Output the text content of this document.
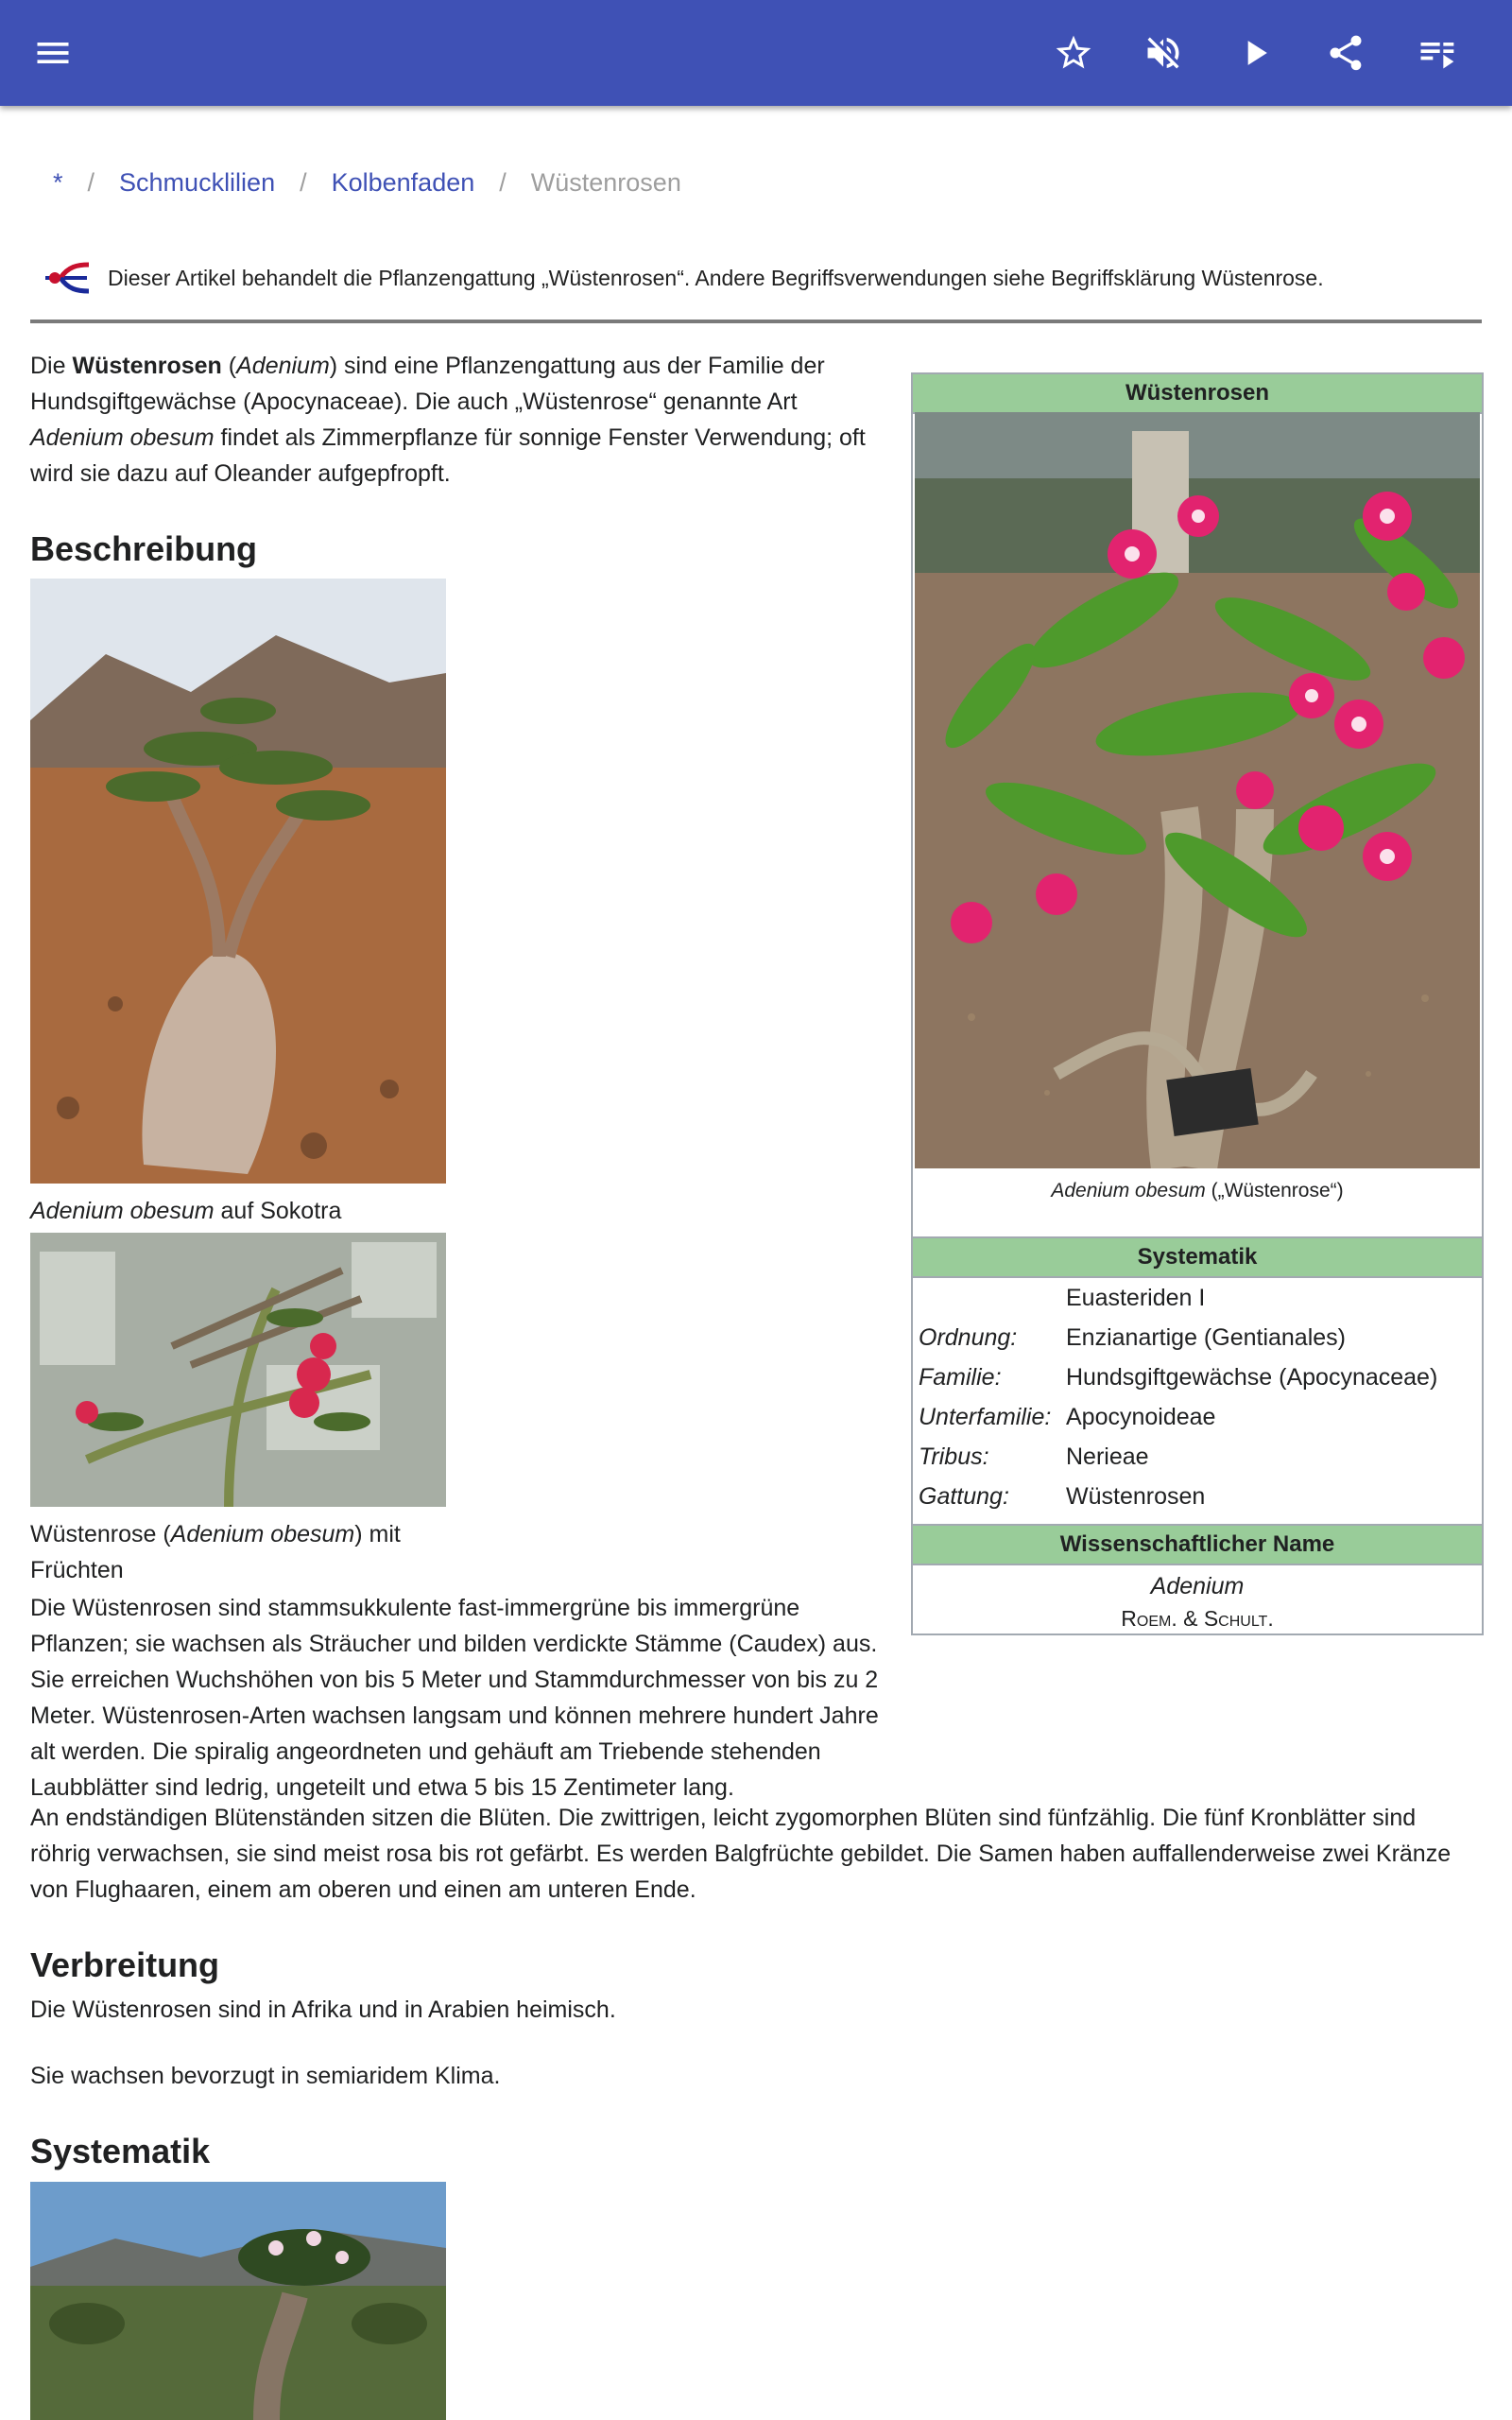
* / Schmucklilien / Kolbenfaden / Wüstenrosen
Dieser Artikel behandelt die Pflanzengattung „Wüstenrosen“. Andere Begriffsverwendungen siehe Begriffsklärung Wüstenrose.

Die Wüstenrosen (Adenium) sind eine Pflanzengattung aus der Familie der Hundsgiftgewächse (Apocynaceae). Die auch „Wüstenrose“ genannte Art Adenium obesum findet als Zimmerpflanze für sonnige Fenster Verwendung; oft wird sie dazu auf Oleander aufgepfropft.

Wüstenrosen
Adenium obesum („Wüstenrose“)
Systematik
Euasteriden I
Ordnung:	Enzianartige (Gentianales)
Familie:	Hundsgiftgewächse (Apocynaceae)
Unterfamilie: Apocynoideae
Tribus:	Nerieae
Gattung:	Wüstenrosen
Wissenschaftlicher Name
Adenium
Roem. & Schult.
Beschreibung
Adenium obesum auf Sokotra
Wüstenrose (Adenium obesum) mit Früchten

Die Wüstenrosen sind stammsukkulente fast-immergrüne bis immergrüne Pflanzen; sie wachsen als Sträucher und bilden verdickte Stämme (Caudex) aus. Sie erreichen Wuchshöhen von bis 5 Meter und Stammdurchmesser von bis zu 2 Meter. Wüstenrosen-Arten wachsen langsam und können mehrere hundert Jahre alt werden. Die spiralig angeordneten und gehäuft am Triebende stehenden Laubblätter sind ledrig, ungeteilt und etwa 5 bis 15 Zentimeter lang.

An endständigen Blütenständen sitzen die Blüten. Die zwittrigen, leicht zygomorphen Blüten sind fünfzählig. Die fünf Kronblätter sind röhrig verwachsen, sie sind meist rosa bis rot gefärbt. Es werden Balgfrüchte gebildet. Die Samen haben auffallenderweise zwei Kränze von Flughaaren, einem am oberen und einen am unteren Ende.

Verbreitung

Die Wüstenrosen sind in Afrika und in Arabien heimisch.

Sie wachsen bevorzugt in semiaridem Klima.

Systematik
